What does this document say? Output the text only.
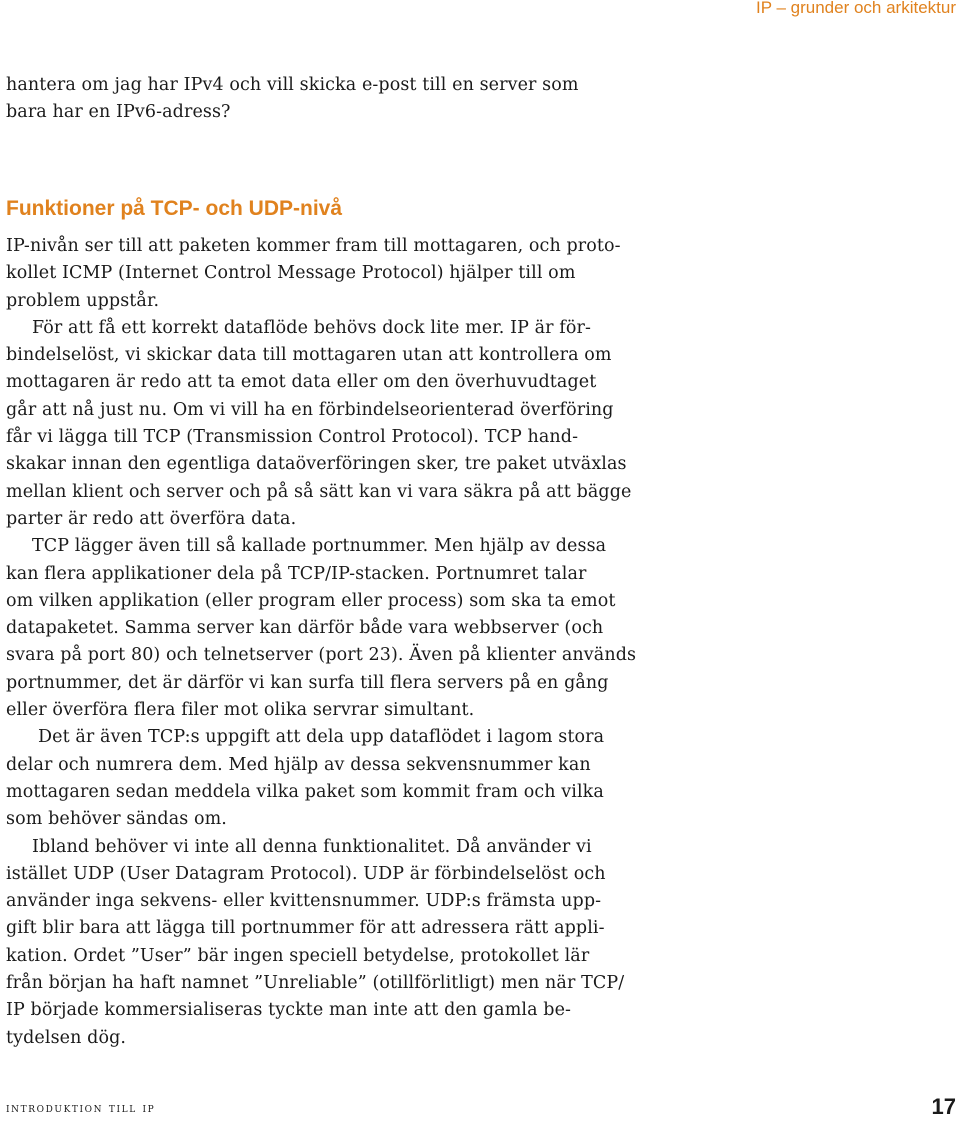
IP – grunder och arkitektur

hantera om jag har IPv4 och vill skicka e-post till en server som
bara har en IPv6-adress?

Funktioner på TCP- och UDP-nivå
IP-nivån ser till att paketen kommer fram till mottagaren, och proto-
kollet ICMP (Internet Control Message Protocol) hjälper till om
problem uppstår.
För att få ett korrekt dataflöde behövs dock lite mer. IP är för-
bindelselöst, vi skickar data till mottagaren utan att kontrollera om
mottagaren är redo att ta emot data eller om den överhuvudtaget
går att nå just nu. Om vi vill ha en förbindelseorienterad överföring
får vi lägga till TCP (Transmission Control Protocol). TCP hand-
skakar innan den egentliga dataöverföringen sker, tre paket utväxlas
mellan klient och server och på så sätt kan vi vara säkra på att bägge
parter är redo att överföra data.
TCP lägger även till så kallade portnummer. Men hjälp av dessa
kan flera applikationer dela på TCP/IP-stacken. Portnumret talar
om vilken applikation (eller program eller process) som ska ta emot
datapaketet. Samma server kan därför både vara webbserver (och
svara på port 80) och telnetserver (port 23). Även på klienter används
portnummer, det är därför vi kan surfa till flera servers på en gång
eller överföra flera filer mot olika servrar simultant.
Det är även TCP:s uppgift att dela upp dataflödet i lagom stora
delar och numrera dem. Med hjälp av dessa sekvensnummer kan
mottagaren sedan meddela vilka paket som kommit fram och vilka
som behöver sändas om.
Ibland behöver vi inte all denna funktionalitet. Då använder vi
istället UDP (User Datagram Protocol). UDP är förbindelselöst och
använder inga sekvens- eller kvittensnummer. UDP:s främsta upp-
gift blir bara att lägga till portnummer för att adressera rätt appli-
kation. Ordet ”User” bär ingen speciell betydelse, protokollet lär
från början ha haft namnet ”Unreliable” (otillförlitligt) men när TCP/
IP började kommersialiseras tyckte man inte att den gamla be-
tydelsen dög.
introduktion till ip	17
